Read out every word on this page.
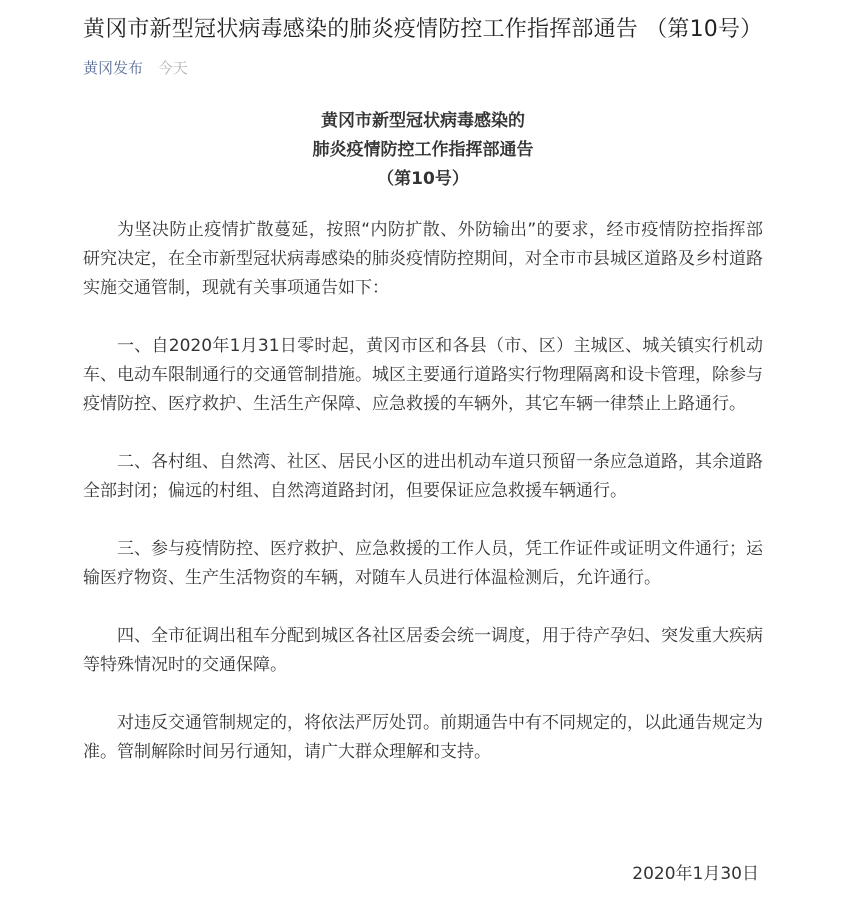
黄冈市新型冠状病毒感染的肺炎疫情防控工作指挥部通告 （第10号）
黄冈发布 今天
黄冈市新型冠状病毒感染的
肺炎疫情防控工作指挥部通告
（第10号）

为坚决防止疫情扩散蔓延，按照“内防扩散、外防输出”的要求，经市疫情防控指挥部研究决定，在全市新型冠状病毒感染的肺炎疫情防控期间，对全市市县城区道路及乡村道路实施交通管制，现就有关事项通告如下：

一、自2020年1月31日零时起，黄冈市区和各县（市、区）主城区、城关镇实行机动车、电动车限制通行的交通管制措施。城区主要通行道路实行物理隔离和设卡管理，除参与疫情防控、医疗救护、生活生产保障、应急救援的车辆外，其它车辆一律禁止上路通行。

二、各村组、自然湾、社区、居民小区的进出机动车道只预留一条应急道路，其余道路全部封闭；偏远的村组、自然湾道路封闭，但要保证应急救援车辆通行。

三、参与疫情防控、医疗救护、应急救援的工作人员，凭工作证件或证明文件通行；运输医疗物资、生产生活物资的车辆，对随车人员进行体温检测后，允许通行。

四、全市征调出租车分配到城区各社区居委会统一调度，用于待产孕妇、突发重大疾病等特殊情况时的交通保障。

对违反交通管制规定的，将依法严厉处罚。前期通告中有不同规定的，以此通告规定为准。管制解除时间另行通知，请广大群众理解和支持。

2020年1月30日
